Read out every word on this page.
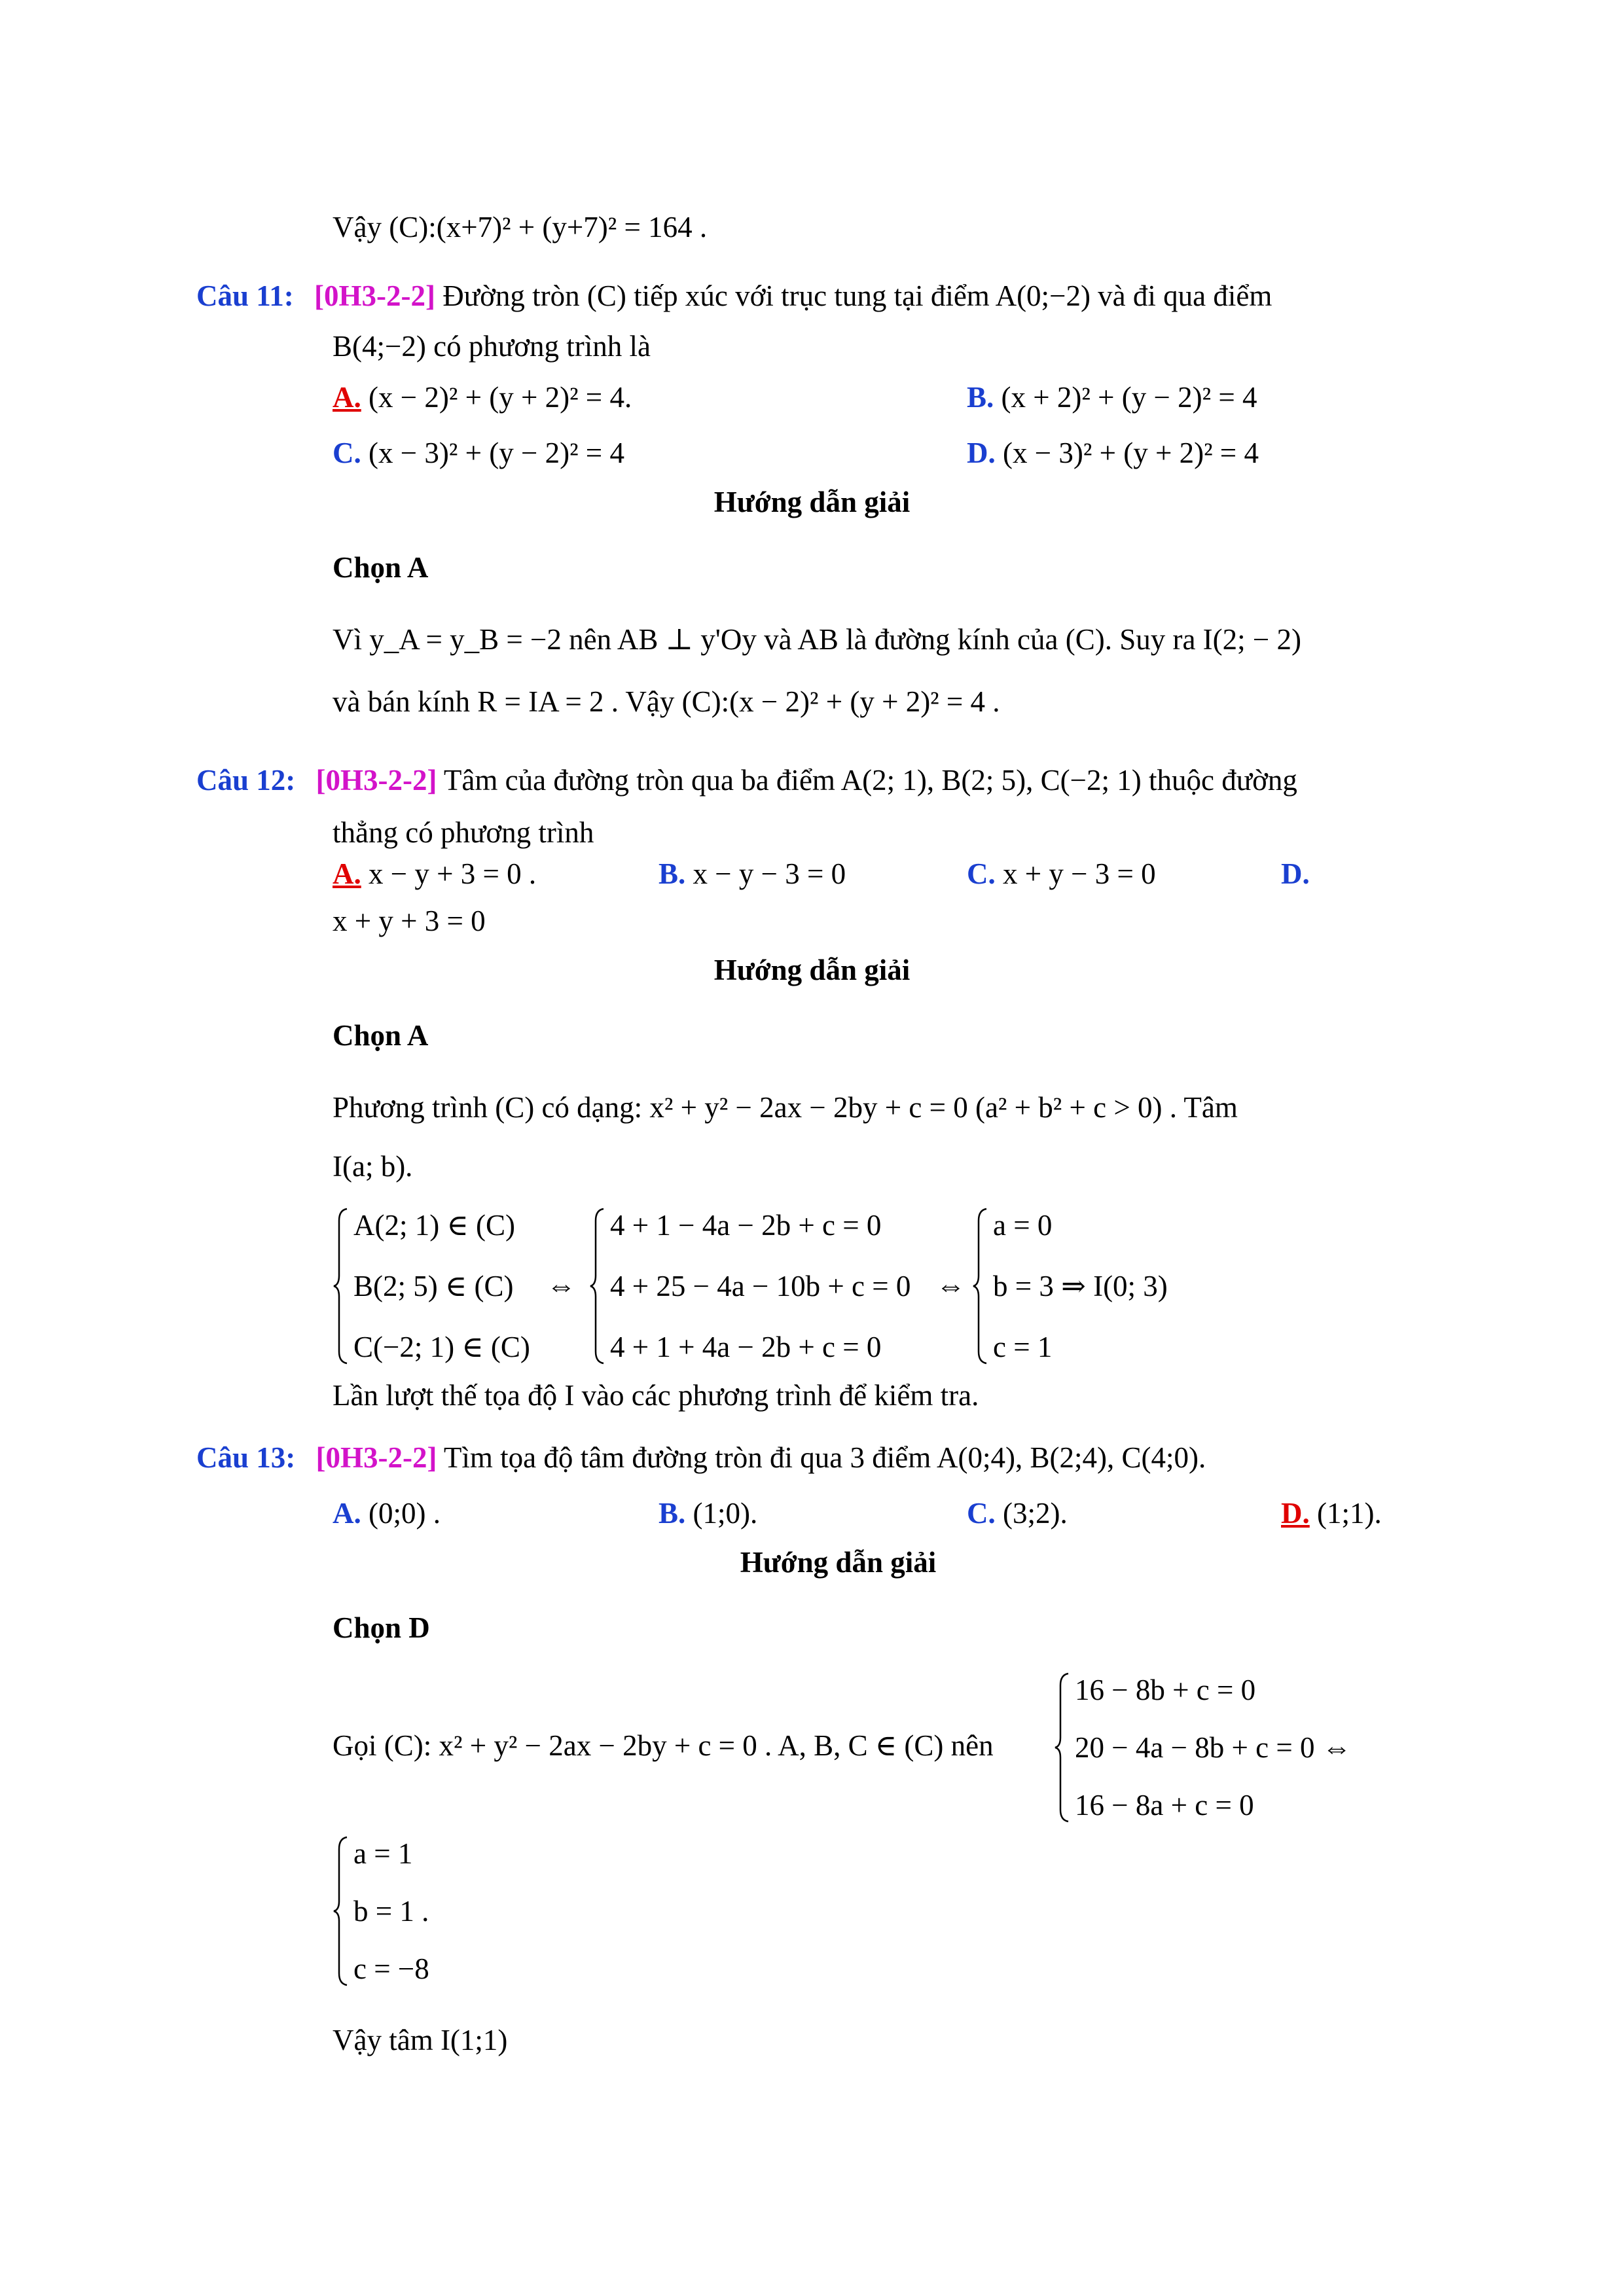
Vậy (C):(x+7)² + (y+7)² = 164 .
Câu 11: [0H3-2-2] Đường tròn (C) tiếp xúc với trục tung tại điểm A(0;−2) và đi qua điểm
B(4;−2) có phương trình là
A. (x − 2)² + (y + 2)² = 4.	B. (x + 2)² + (y − 2)² = 4
C. (x − 3)² + (y − 2)² = 4	D. (x − 3)² + (y + 2)² = 4
Hướng dẫn giải
Chọn A
Vì y_A = y_B = −2 nên AB ⊥ y'Oy và AB là đường kính của (C). Suy ra I(2; − 2)
và bán kính R = IA = 2 . Vậy (C):(x − 2)² + (y + 2)² = 4 .
Câu 12: [0H3-2-2] Tâm của đường tròn qua ba điểm A(2; 1), B(2; 5), C(−2; 1) thuộc đường
thẳng có phương trình
A. x − y + 3 = 0 .	B. x − y − 3 = 0	C. x + y − 3 = 0	D.
x + y + 3 = 0
Hướng dẫn giải
Chọn A
Phương trình (C) có dạng: x² + y² − 2ax − 2by + c = 0 (a² + b² + c > 0) . Tâm
I(a; b).
A(2; 1) ∈ (C)
B(2; 5) ∈ (C)
C(−2; 1) ∈ (C)
⇔
4 + 1 − 4a − 2b + c = 0
4 + 25 − 4a − 10b + c = 0
4 + 1 + 4a − 2b + c = 0
⇔
a = 0
b = 3 ⇒ I(0; 3)
c = 1
Lần lượt thế tọa độ I vào các phương trình để kiểm tra.
Câu 13: [0H3-2-2] Tìm tọa độ tâm đường tròn đi qua 3 điểm A(0;4), B(2;4), C(4;0).
A. (0;0) .	B. (1;0).	C. (3;2).	D. (1;1).
Hướng dẫn giải
Chọn D
Gọi (C): x² + y² − 2ax − 2by + c = 0 . A, B, C ∈ (C) nên
16 − 8b + c = 0
20 − 4a − 8b + c = 0 ⇔
16 − 8a + c = 0
a = 1
b = 1 .
c = −8
Vậy tâm I(1;1)
